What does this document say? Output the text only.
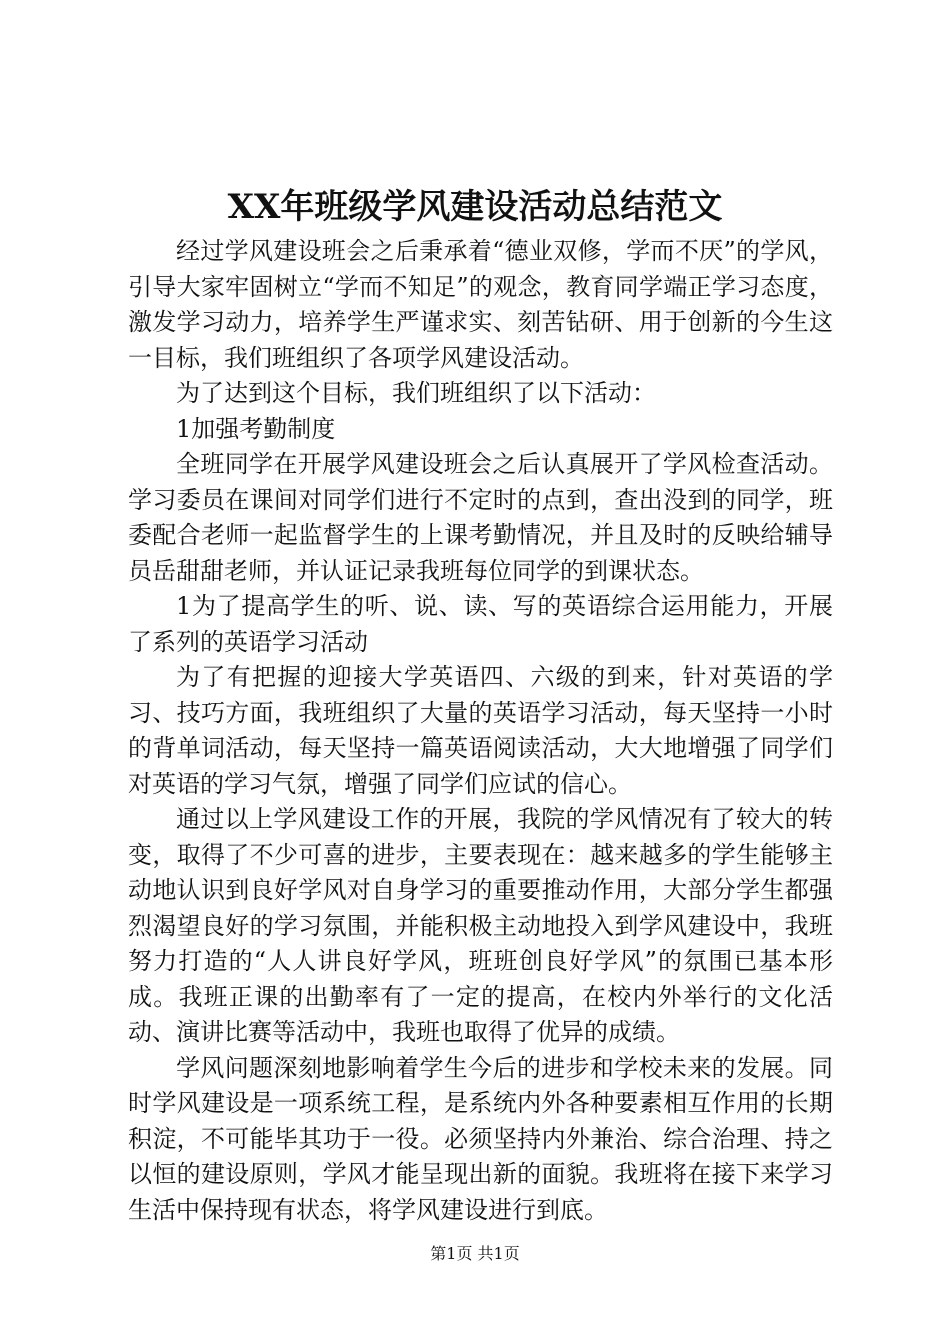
XX年班级学风建设活动总结范文

经过学风建设班会之后秉承着“德业双修，学而不厌”的学风，引导大家牢固树立“学而不知足”的观念，教育同学端正学习态度，激发学习动力，培养学生严谨求实、刻苦钻研、用于创新的今生这一目标，我们班组织了各项学风建设活动。

为了达到这个目标，我们班组织了以下活动：

1加强考勤制度

全班同学在开展学风建设班会之后认真展开了学风检查活动。学习委员在课间对同学们进行不定时的点到，查出没到的同学，班委配合老师一起监督学生的上课考勤情况，并且及时的反映给辅导员岳甜甜老师，并认证记录我班每位同学的到课状态。

1为了提高学生的听、说、读、写的英语综合运用能力，开展了系列的英语学习活动

为了有把握的迎接大学英语四、六级的到来，针对英语的学习、技巧方面，我班组织了大量的英语学习活动，每天坚持一小时的背单词活动，每天坚持一篇英语阅读活动，大大地增强了同学们对英语的学习气氛，增强了同学们应试的信心。

通过以上学风建设工作的开展，我院的学风情况有了较大的转变，取得了不少可喜的进步，主要表现在：越来越多的学生能够主动地认识到良好学风对自身学习的重要推动作用，大部分学生都强烈渴望良好的学习氛围，并能积极主动地投入到学风建设中，我班努力打造的“人人讲良好学风，班班创良好学风”的氛围已基本形成。我班正课的出勤率有了一定的提高，在校内外举行的文化活动、演讲比赛等活动中，我班也取得了优异的成绩。

学风问题深刻地影响着学生今后的进步和学校未来的发展。同时学风建设是一项系统工程，是系统内外各种要素相互作用的长期积淀，不可能毕其功于一役。必须坚持内外兼治、综合治理、持之以恒的建设原则，学风才能呈现出新的面貌。我班将在接下来学习生活中保持现有状态，将学风建设进行到底。

第1页 共1页
